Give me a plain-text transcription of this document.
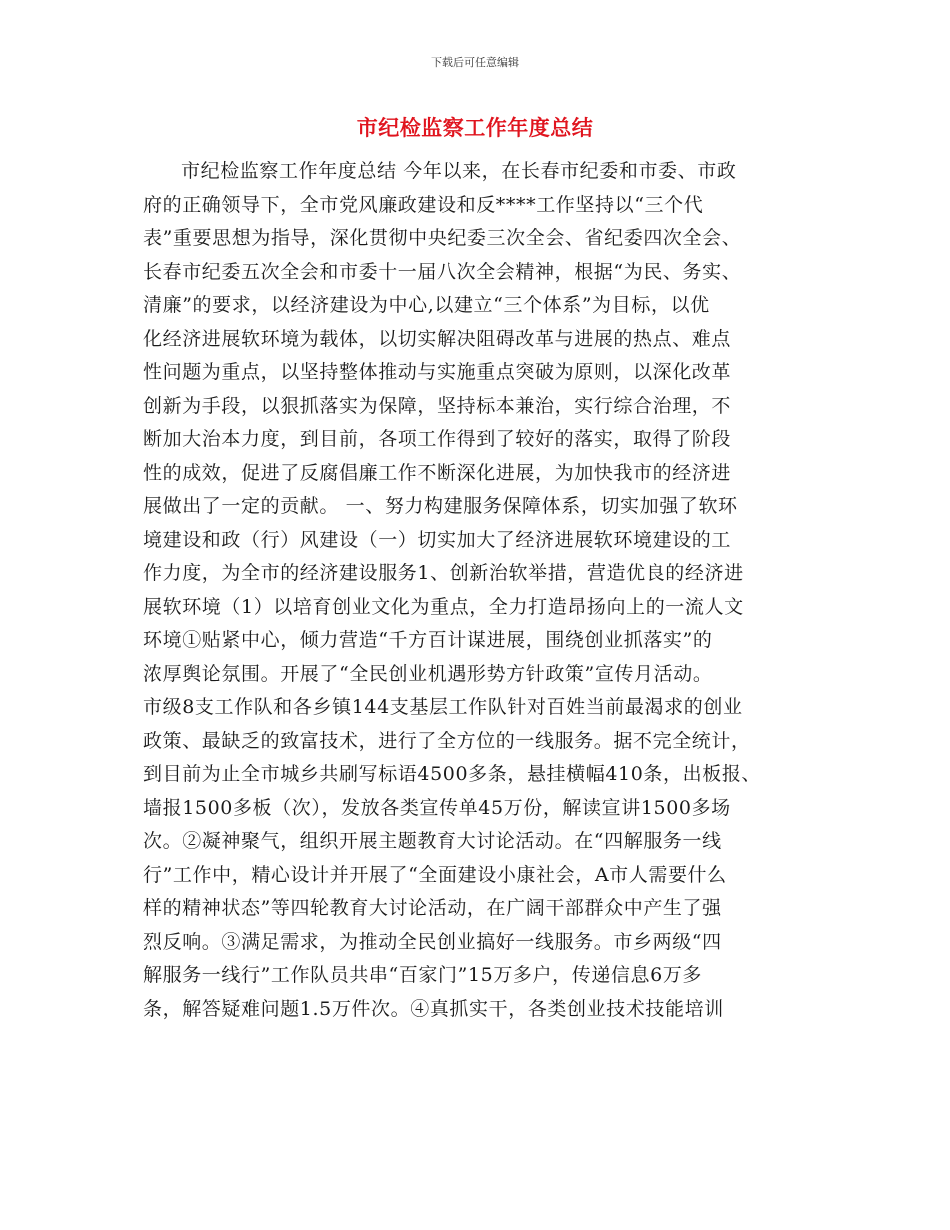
下载后可任意编辑
市纪检监察工作年度总结
市纪检监察工作年度总结 今年以来，在长春市纪委和市委、市政
府的正确领导下，全市党风廉政建设和反****工作坚持以“三个代
表”重要思想为指导，深化贯彻中央纪委三次全会、省纪委四次全会、
长春市纪委五次全会和市委十一届八次全会精神，根据“为民、务实、
清廉”的要求，以经济建设为中心,以建立“三个体系”为目标，以优
化经济进展软环境为载体，以切实解决阻碍改革与进展的热点、难点
性问题为重点，以坚持整体推动与实施重点突破为原则，以深化改革
创新为手段，以狠抓落实为保障，坚持标本兼治，实行综合治理，不
断加大治本力度，到目前，各项工作得到了较好的落实，取得了阶段
性的成效，促进了反腐倡廉工作不断深化进展，为加快我市的经济进
展做出了一定的贡献。 一、努力构建服务保障体系，切实加强了软环
境建设和政（行）风建设（一）切实加大了经济进展软环境建设的工
作力度，为全市的经济建设服务1、创新治软举措，营造优良的经济进
展软环境（1）以培育创业文化为重点，全力打造昂扬向上的一流人文
环境①贴紧中心，倾力营造“千方百计谋进展，围绕创业抓落实”的
浓厚舆论氛围。开展了“全民创业机遇形势方针政策”宣传月活动。
市级8支工作队和各乡镇144支基层工作队针对百姓当前最渴求的创业
政策、最缺乏的致富技术，进行了全方位的一线服务。据不完全统计，
到目前为止全市城乡共刷写标语4500多条，悬挂横幅410条，出板报、
墙报1500多板（次），发放各类宣传单45万份，解读宣讲1500多场
次。②凝神聚气，组织开展主题教育大讨论活动。在“四解服务一线
行”工作中，精心设计并开展了“全面建设小康社会，A市人需要什么
样的精神状态”等四轮教育大讨论活动，在广阔干部群众中产生了强
烈反响。③满足需求，为推动全民创业搞好一线服务。市乡两级“四
解服务一线行”工作队员共串“百家门”15万多户，传递信息6万多
条，解答疑难问题1.5万件次。④真抓实干，各类创业技术技能培训
